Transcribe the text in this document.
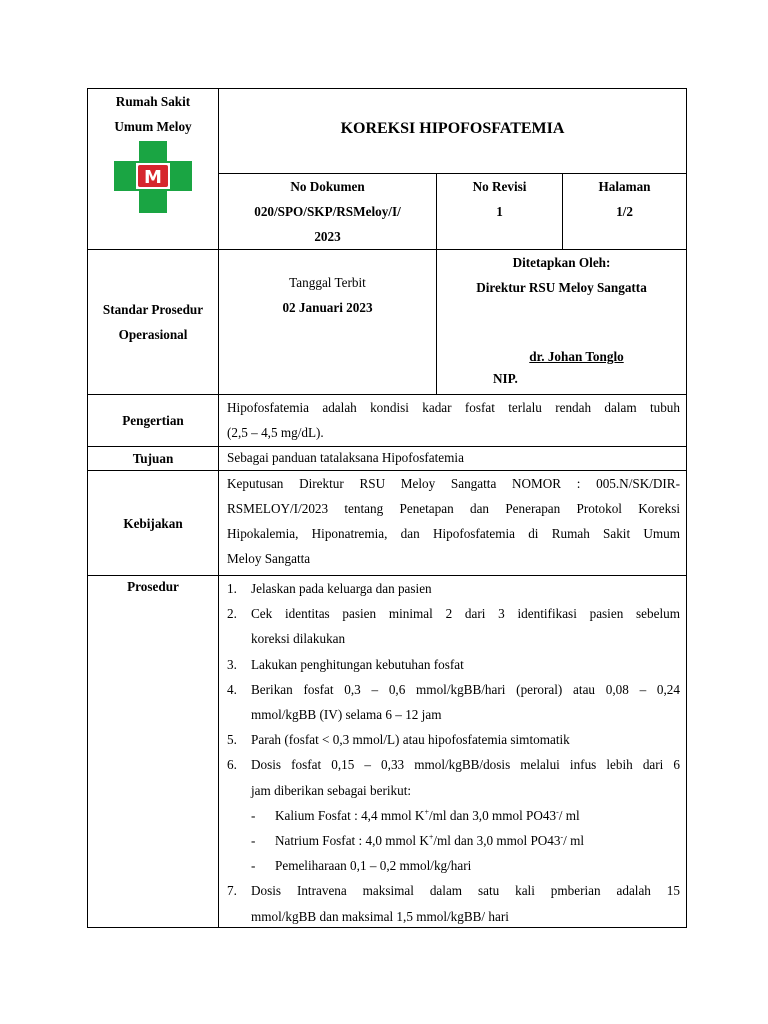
Rumah Sakit
Umum Meloy
M
KOREKSI HIPOFOSFATEMIA
No Dokumen
020/SPO/SKP/RSMeloy/I/
2023
No Revisi
1
Halaman
1/2
Standar Prosedur
Operasional
Tanggal Terbit
02 Januari 2023
Ditetapkan Oleh:
Direktur RSU Meloy Sangatta
dr. Johan Tonglo
NIP.
Pengertian
Hipofosfatemia adalah kondisi kadar fosfat terlalu rendah dalam tubuh
(2,5 – 4,5 mg/dL).
Tujuan	Sebagai panduan tatalaksana Hipofosfatemia
Kebijakan
Keputusan Direktur RSU Meloy Sangatta NOMOR : 005.N/SK/DIR-
RSMELOY/I/2023 tentang Penetapan dan Penerapan Protokol Koreksi
Hipokalemia, Hiponatremia, dan Hipofosfatemia di Rumah Sakit Umum
Meloy Sangatta
Prosedur	1. Jelaskan pada keluarga dan pasien
2. Cek identitas pasien minimal 2 dari 3 identifikasi pasien sebelum
koreksi dilakukan
3. Lakukan penghitungan kebutuhan fosfat
4. Berikan fosfat 0,3 – 0,6 mmol/kgBB/hari (peroral) atau 0,08 – 0,24
mmol/kgBB (IV) selama 6 – 12 jam
5. Parah (fosfat < 0,3 mmol/L) atau hipofosfatemia simtomatik
6. Dosis fosfat 0,15 – 0,33 mmol/kgBB/dosis melalui infus lebih dari 6
jam diberikan sebagai berikut:
- Kalium Fosfat : 4,4 mmol K+/ml dan 3,0 mmol PO43-/ ml
- Natrium Fosfat : 4,0 mmol K+/ml dan 3,0 mmol PO43-/ ml
- Pemeliharaan 0,1 – 0,2 mmol/kg/hari
7. Dosis Intravena maksimal dalam satu kali pmberian adalah 15
mmol/kgBB dan maksimal 1,5 mmol/kgBB/ hari
